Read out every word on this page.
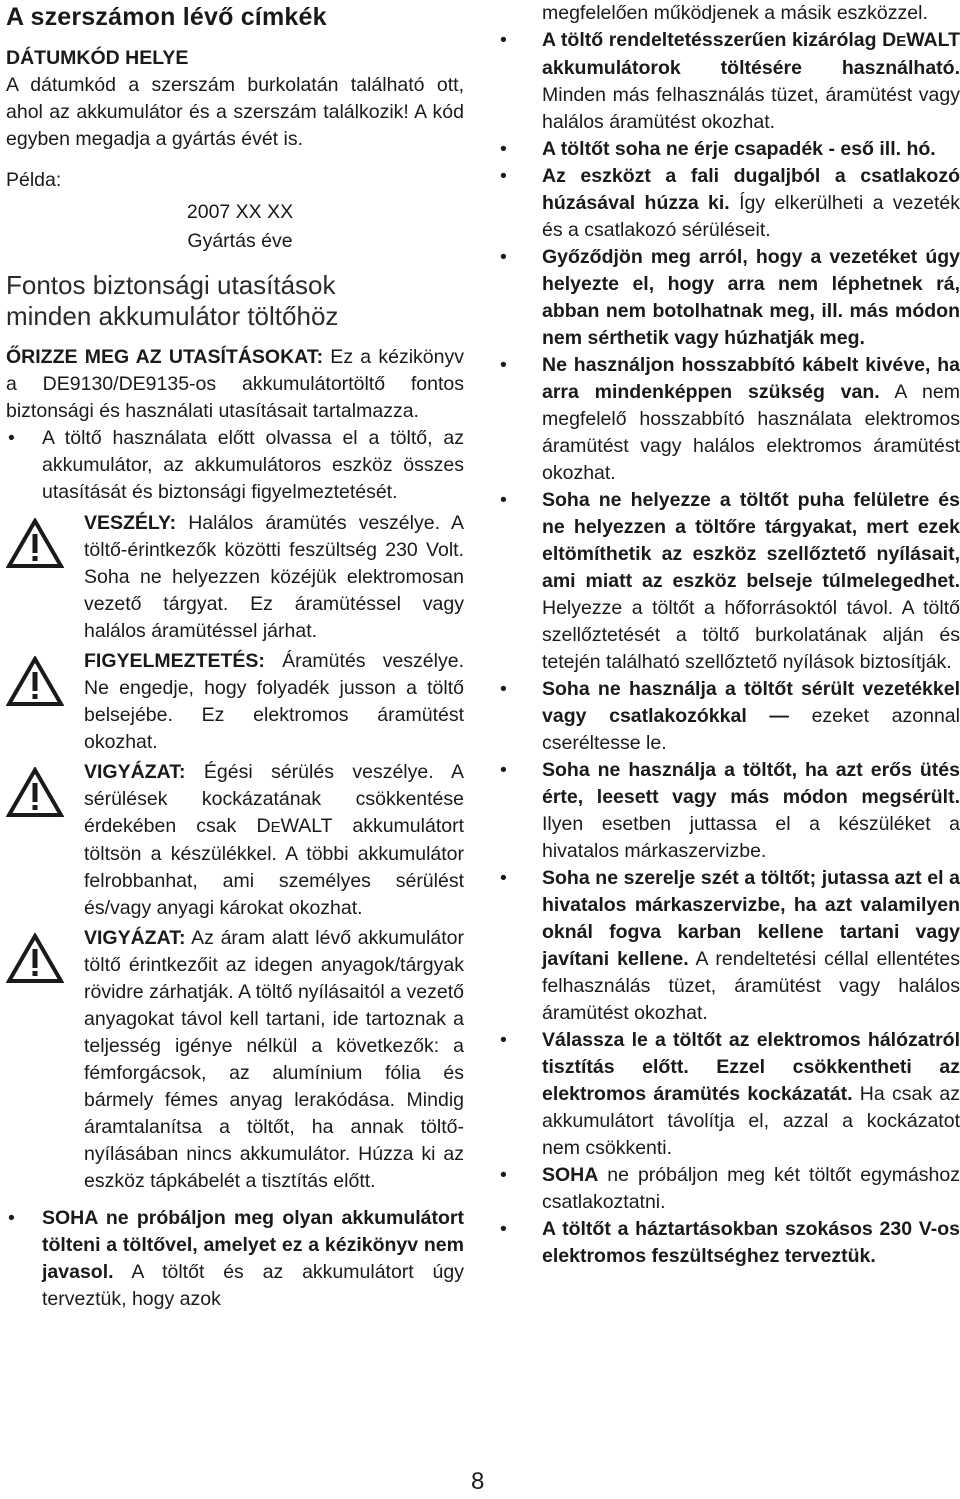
A szerszámon lévő címkék
DÁTUMKÓD HELYE

A dátumkód a szerszám burkolatán található ott, ahol az akkumulátor és a szerszám találkozik! A kód egyben megadja a gyártás évét is.

Példa:
2007 XX XX
Gyártás éve
Fontos biztonsági utasítások
minden akkumulátor töltőhöz

ŐRIZZE MEG AZ UTASÍTÁSOKAT: Ez a kézikönyv a DE9130/DE9135-os akkumulátortöltő fontos biztonsági és használati utasításait tartalmazza.

•	A töltő használata előtt olvassa el a töltő, az akkumulátor, az akkumulátoros eszköz összes utasítását és biztonsági figyelmeztetését.
VESZÉLY: Halálos áramütés veszélye. A töltő-érintkezők közötti feszültség 230 Volt. Soha ne helyezzen közéjük elektromosan vezető tárgyat. Ez áramütéssel vagy halálos áramütéssel járhat.
FIGYELMEZTETÉS: Áramütés veszélye. Ne engedje, hogy folyadék jusson a töltő belsejébe. Ez elektromos áramütést okozhat.
VIGYÁZAT: Égési sérülés veszélye. A sérülések kockázatának csökkentése érdekében csak DEWALT akkumulátort töltsön a készülékkel. A többi akkumulátor felrobbanhat, ami személyes sérülést és/vagy anyagi károkat okozhat.
VIGYÁZAT: Az áram alatt lévő akkumulátor töltő érintkezőit az idegen anyagok/tárgyak rövidre zárhatják. A töltő nyílásaitól a vezető anyagokat távol kell tartani, ide tartoznak a teljesség igénye nélkül a következők: a fémforgácsok, az alumínium fólia és bármely fémes anyag lerakódása. Mindig áramtalanítsa a töltőt, ha annak töltő-nyílásában nincs akkumulátor. Húzza ki az eszköz tápkábelét a tisztítás előtt.
•	SOHA ne próbáljon meg olyan akkumulátort tölteni a töltővel, amelyet ez a kézikönyv nem javasol. A töltőt és az akkumulátort úgy terveztük, hogy azok

megfelelően működjenek a másik eszközzel.

• A töltő rendeltetésszerűen kizárólag DEWALT akkumulátorok töltésére használható. Minden más felhasználás tüzet, áramütést vagy halálos áramütést okozhat.
• A töltőt soha ne érje csapadék - eső ill. hó.
• Az eszközt a fali dugaljból a csatlakozó húzásával húzza ki. Így elkerülheti a vezeték és a csatlakozó sérüléseit.
• Győződjön meg arról, hogy a vezetéket úgy helyezte el, hogy arra nem léphetnek rá, abban nem botolhatnak meg, ill. más módon nem sérthetik vagy húzhatják meg.
• Ne használjon hosszabbító kábelt kivéve, ha arra mindenképpen szükség van. A nem megfelelő hosszabbító használata elektromos áramütést vagy halálos elektromos áramütést okozhat.
• Soha ne helyezze a töltőt puha felületre és ne helyezzen a töltőre tárgyakat, mert ezek eltömíthetik az eszköz szellőztető nyílásait, ami miatt az eszköz belseje túlmelegedhet. Helyezze a töltőt a hőforrásoktól távol. A töltő szellőztetését a töltő burkolatának alján és tetején található szellőztető nyílások biztosítják.
• Soha ne használja a töltőt sérült vezetékkel vagy csatlakozókkal — ezeket azonnal cseréltesse le.
• Soha ne használja a töltőt, ha azt erős ütés érte, leesett vagy más módon megsérült. Ilyen esetben juttassa el a készüléket a hivatalos márkaszervizbe.
• Soha ne szerelje szét a töltőt; jutassa azt el a hivatalos márkaszervizbe, ha azt valamilyen oknál fogva karban kellene tartani vagy javítani kellene. A rendeltetési céllal ellentétes felhasználás tüzet, áramütést vagy halálos áramütést okozhat.
• Válassza le a töltőt az elektromos hálózatról tisztítás előtt. Ezzel csökkentheti az elektromos áramütés kockázatát. Ha csak az akkumulátort távolítja el, azzal a kockázatot nem csökkenti.
• SOHA ne próbáljon meg két töltőt egymáshoz csatlakoztatni.
• A töltőt a háztartásokban szokásos 230 V-os elektromos feszültséghez terveztük.
8
